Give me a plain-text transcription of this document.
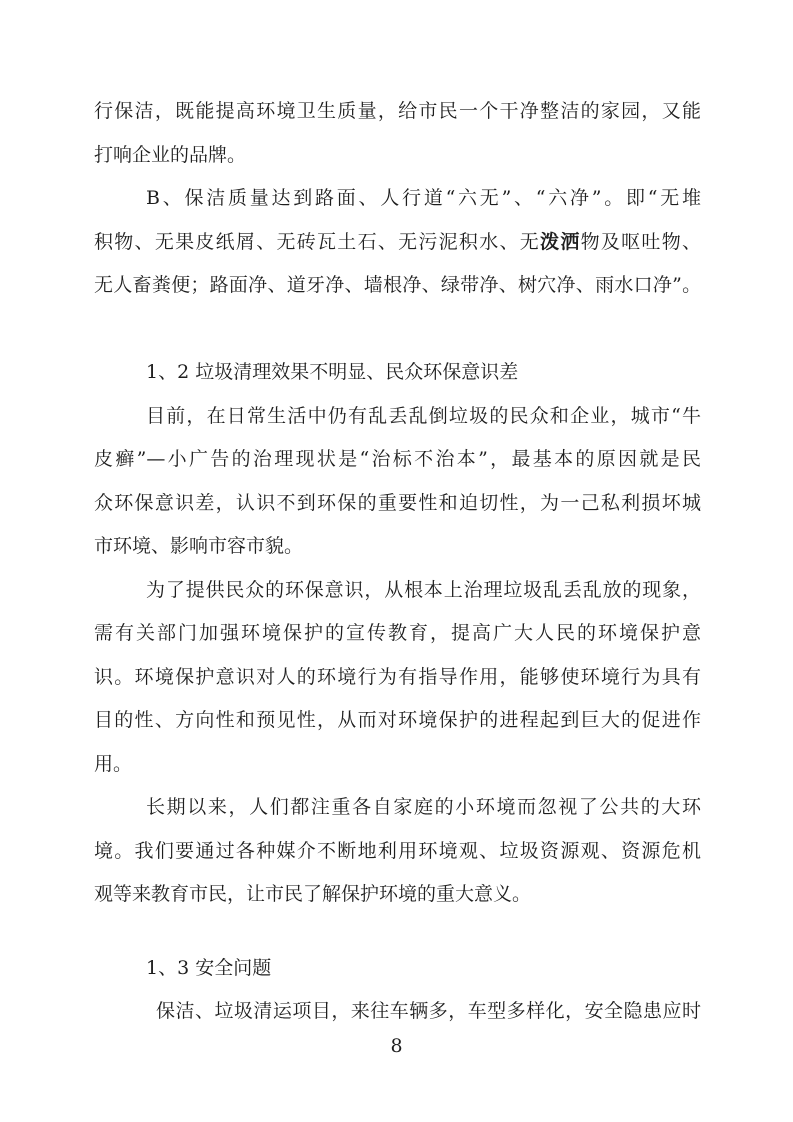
行保洁，既能提高环境卫生质量，给市民一个干净整洁的家园，又能
打响企业的品牌。
B、保洁质量达到路面、人行道“六无”、“六净”。即“无堆
积物、无果皮纸屑、无砖瓦土石、无污泥积水、无泼洒物及呕吐物、
无人畜粪便；路面净、道牙净、墙根净、绿带净、树穴净、雨水口净”。
1、2 垃圾清理效果不明显、民众环保意识差
目前，在日常生活中仍有乱丢乱倒垃圾的民众和企业，城市“牛
皮癣”—小广告的治理现状是“治标不治本”，最基本的原因就是民
众环保意识差，认识不到环保的重要性和迫切性，为一己私利损坏城
市环境、影响市容市貌。
为了提供民众的环保意识，从根本上治理垃圾乱丢乱放的现象，
需有关部门加强环境保护的宣传教育，提高广大人民的环境保护意
识。环境保护意识对人的环境行为有指导作用，能够使环境行为具有
目的性、方向性和预见性，从而对环境保护的进程起到巨大的促进作
用。
长期以来，人们都注重各自家庭的小环境而忽视了公共的大环
境。我们要通过各种媒介不断地利用环境观、垃圾资源观、资源危机
观等来教育市民，让市民了解保护环境的重大意义。
1、3 安全问题
保洁、垃圾清运项目，来往车辆多，车型多样化，安全隐患应时
8
